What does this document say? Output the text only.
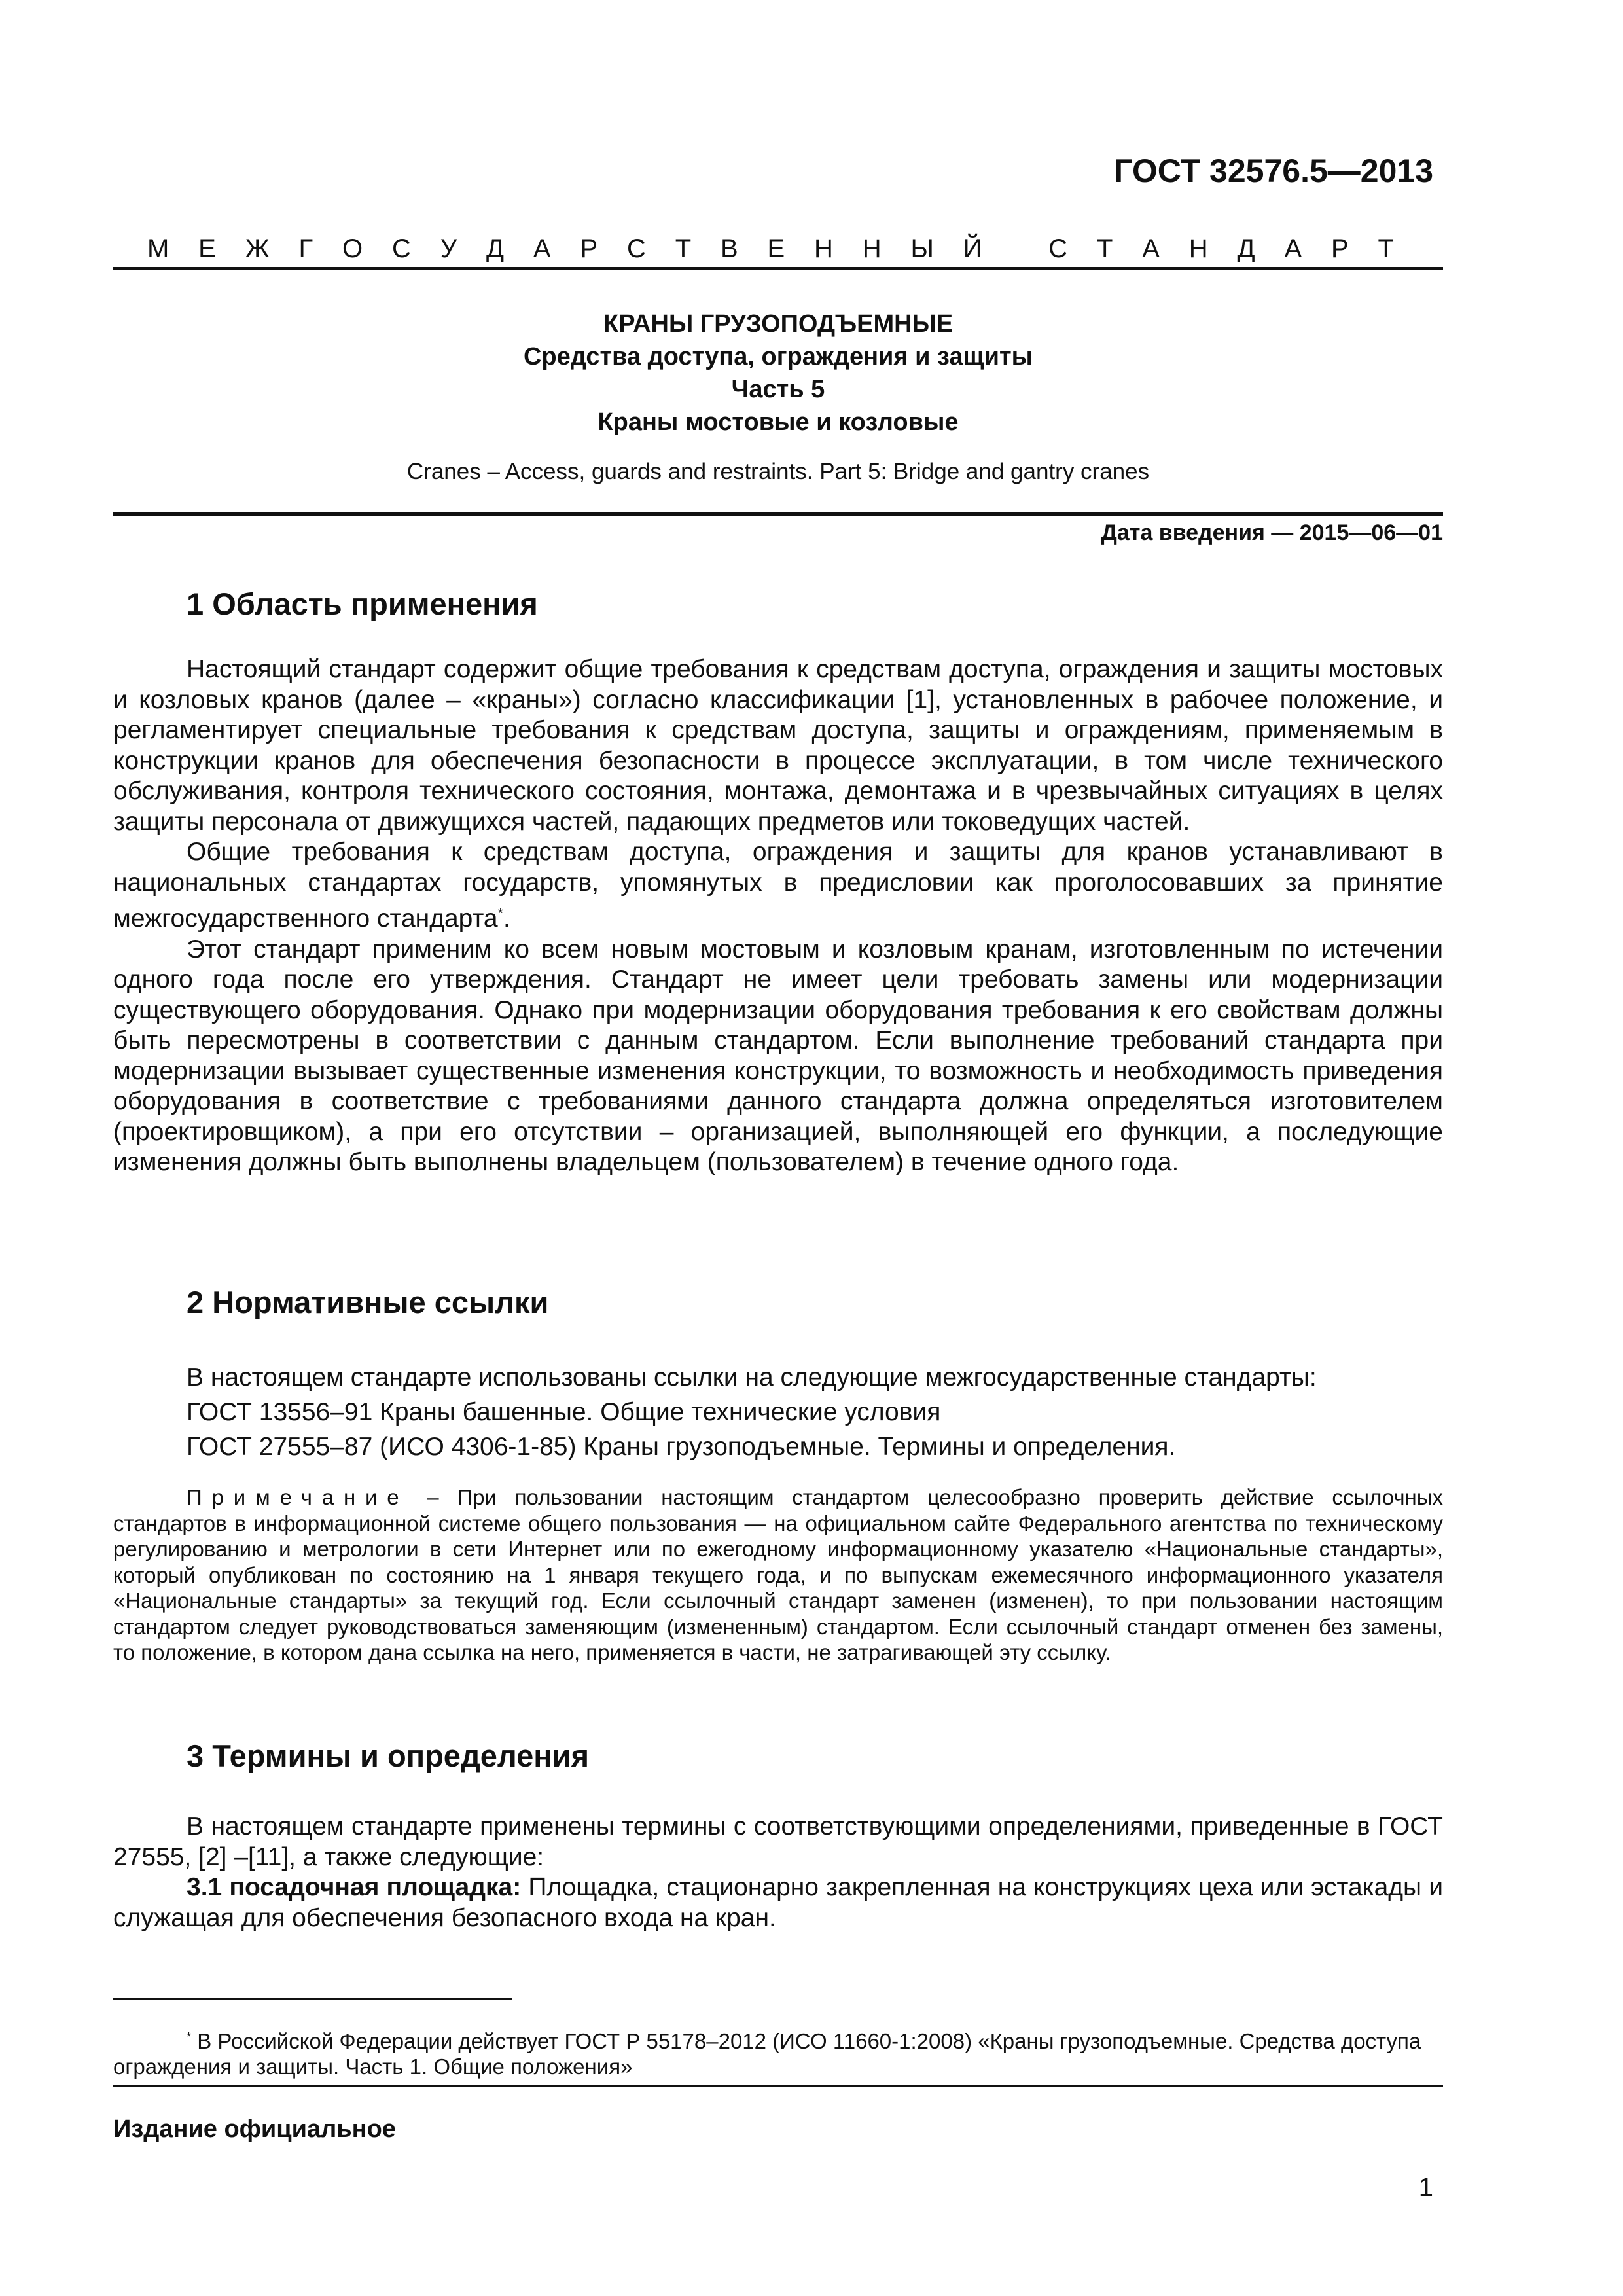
ГОСТ 32576.5—2013
М Е Ж Г О С У Д А Р С Т В Е Н Н Ы Й	С Т А Н Д А Р Т
КРАНЫ ГРУЗОПОДЪЕМНЫЕ
Средства доступа, ограждения и защиты
Часть 5
Краны мостовые и козловые
Cranes – Access, guards and restraints. Part 5: Bridge and gantry cranes
Дата введения — 2015—06—01
1 Область применения

Настоящий стандарт содержит общие требования к средствам доступа, ограждения и защиты мостовых и козловых кранов (далее – «краны») согласно классификации [1], установленных в рабочее положение, и регламентирует специальные требования к средствам доступа, защиты и ограждениям, применяемым в конструкции кранов для обеспечения безопасности в процессе эксплуатации, в том числе технического обслуживания, контроля технического состояния, монтажа, демонтажа и в чрезвычайных ситуациях в целях защиты персонала от движущихся частей, падающих предметов или токоведущих частей.

Общие требования к средствам доступа, ограждения и защиты для кранов устанавливают в национальных стандартах государств, упомянутых в предисловии как проголосовавших за принятие межгосударственного стандарта*.

Этот стандарт применим ко всем новым мостовым и козловым кранам, изготовленным по истечении одного года после его утверждения. Стандарт не имеет цели требовать замены или модернизации существующего оборудования. Однако при модернизации оборудования требования к его свойствам должны быть пересмотрены в соответствии с данным стандартом. Если выполнение требований стандарта при модернизации вызывает существенные изменения конструкции, то возможность и необходимость приведения оборудования в соответствие с требованиями данного стандарта должна определяться изготовителем (проектировщиком), а при его отсутствии – организацией, выполняющей его функции, а последующие изменения должны быть выполнены владельцем (пользователем) в течение одного года.

2 Нормативные ссылки
В настоящем стандарте использованы ссылки на следующие межгосударственные стандарты:
ГОСТ 13556–91 Краны башенные. Общие технические условия
ГОСТ 27555–87 (ИСО 4306-1-85) Краны грузоподъемные. Термины и определения.

Примечание – При пользовании настоящим стандартом целесообразно проверить действие ссылочных стандартов в информационной системе общего пользования — на официальном сайте Федерального агентства по техническому регулированию и метрологии в сети Интернет или по ежегодному информационному указателю «Национальные стандарты», который опубликован по состоянию на 1 января текущего года, и по выпускам ежемесячного информационного указателя «Национальные стандарты» за текущий год. Если ссылочный стандарт заменен (изменен), то при пользовании настоящим стандартом следует руководствоваться заменяющим (измененным) стандартом. Если ссылочный стандарт отменен без замены, то положение, в котором дана ссылка на него, применяется в части, не затрагивающей эту ссылку.

3 Термины и определения

В настоящем стандарте применены термины с соответствующими определениями, приведенные в ГОСТ 27555, [2] –[11], а также следующие:

3.1 посадочная площадка: Площадка, стационарно закрепленная на конструкциях цеха или эстакады и служащая для обеспечения безопасного входа на кран.

* В Российской Федерации действует ГОСТ Р 55178–2012 (ИСО 11660-1:2008) «Краны грузоподъемные. Средства доступа ограждения и защиты. Часть 1. Общие положения»

Издание официальное
1
